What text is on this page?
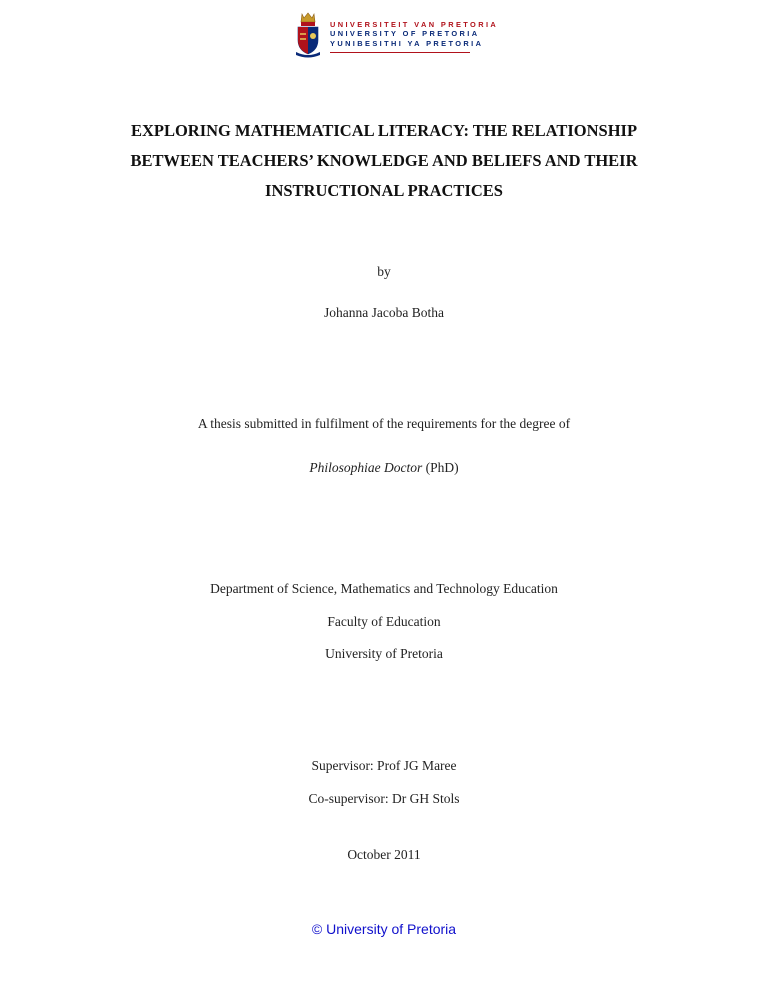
UNIVERSITEIT VAN PRETORIA
UNIVERSITY OF PRETORIA
YUNIBESITHI YA PRETORIA
EXPLORING MATHEMATICAL LITERACY: THE RELATIONSHIP
BETWEEN TEACHERS’ KNOWLEDGE AND BELIEFS AND THEIR
INSTRUCTIONAL PRACTICES
by
Johanna Jacoba Botha
A thesis submitted in fulfilment of the requirements for the degree of
Philosophiae Doctor (PhD)
Department of Science, Mathematics and Technology Education
Faculty of Education
University of Pretoria
Supervisor: Prof JG Maree
Co-supervisor: Dr GH Stols
October 2011
© University of Pretoria
